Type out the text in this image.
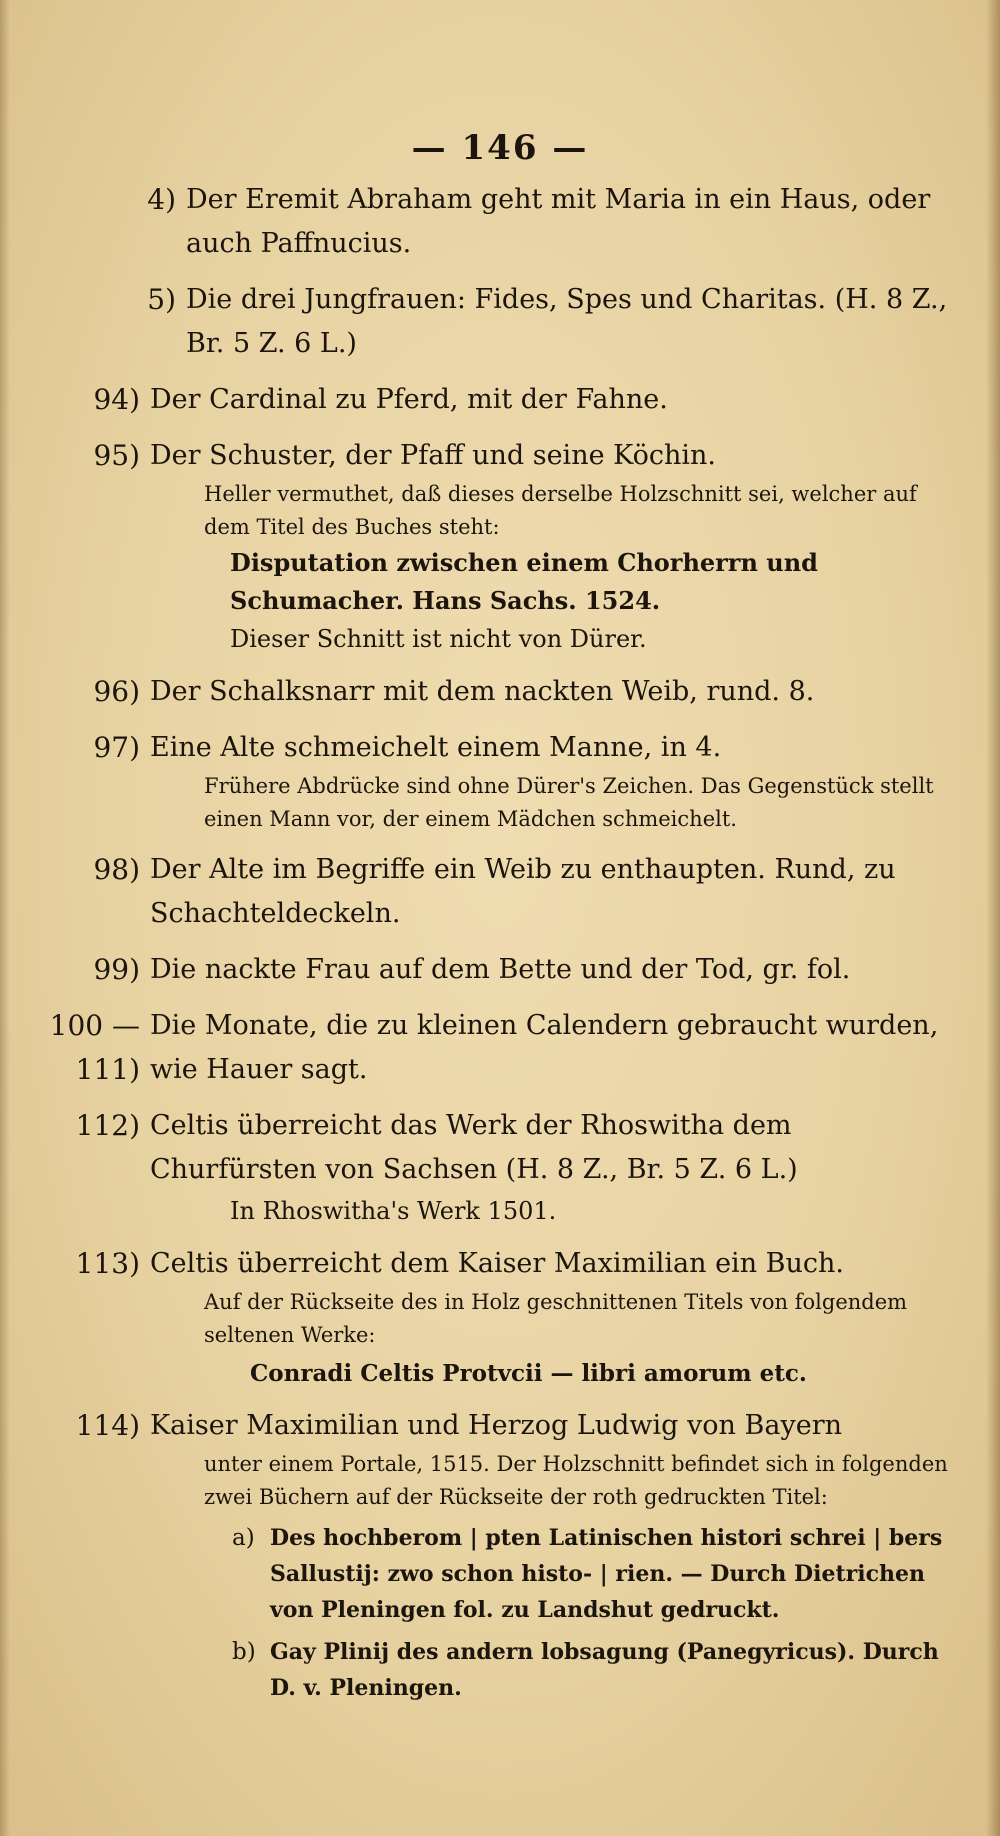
— 146 —
4) Der Eremit Abraham geht mit Maria in ein Haus, oder auch Paffnucius.
5) Die drei Jungfrauen: Fides, Spes und Charitas. (H. 8 Z., Br. 5 Z. 6 L.)
94) Der Cardinal zu Pferd, mit der Fahne.
95) Der Schuster, der Pfaff und seine Köchin.
Heller vermuthet, daß dieses derselbe Holzschnitt sei, welcher auf dem Titel des Buches steht:
Disputation zwischen einem Chorherrn und Schumacher. Hans Sachs. 1524.
Dieser Schnitt ist nicht von Dürer.
96) Der Schalksnarr mit dem nackten Weib, rund. 8.
97) Eine Alte schmeichelt einem Manne, in 4.
Frühere Abdrücke sind ohne Dürer's Zeichen. Das Gegenstück stellt einen Mann vor, der einem Mädchen schmeichelt.
98) Der Alte im Begriffe ein Weib zu enthaupten. Rund, zu Schachteldeckeln.
99) Die nackte Frau auf dem Bette und der Tod, gr. fol.
100 — 111)
Die Monate, die zu kleinen Calendern gebraucht wurden, wie Hauer sagt.
112) Celtis überreicht das Werk der Rhoswitha dem Churfürsten von Sachsen (H. 8 Z., Br. 5 Z. 6 L.)
In Rhoswitha's Werk 1501.
113) Celtis überreicht dem Kaiser Maximilian ein Buch.
Auf der Rückseite des in Holz geschnittenen Titels von folgendem seltenen Werke:
Conradi Celtis Protvcii — libri amorum etc.
114) Kaiser Maximilian und Herzog Ludwig von Bayern
unter einem Portale, 1515. Der Holzschnitt befindet sich in folgenden zwei Büchern auf der Rückseite der roth gedruckten Titel:
a) Des hochberom | pten Latinischen histori schrei | bers Sallustij: zwo schon histo- | rien. — Durch Dietrichen von Pleningen fol. zu Landshut gedruckt.
b) Gay Plinij des andern lobsagung (Panegyricus). Durch D. v. Pleningen.
